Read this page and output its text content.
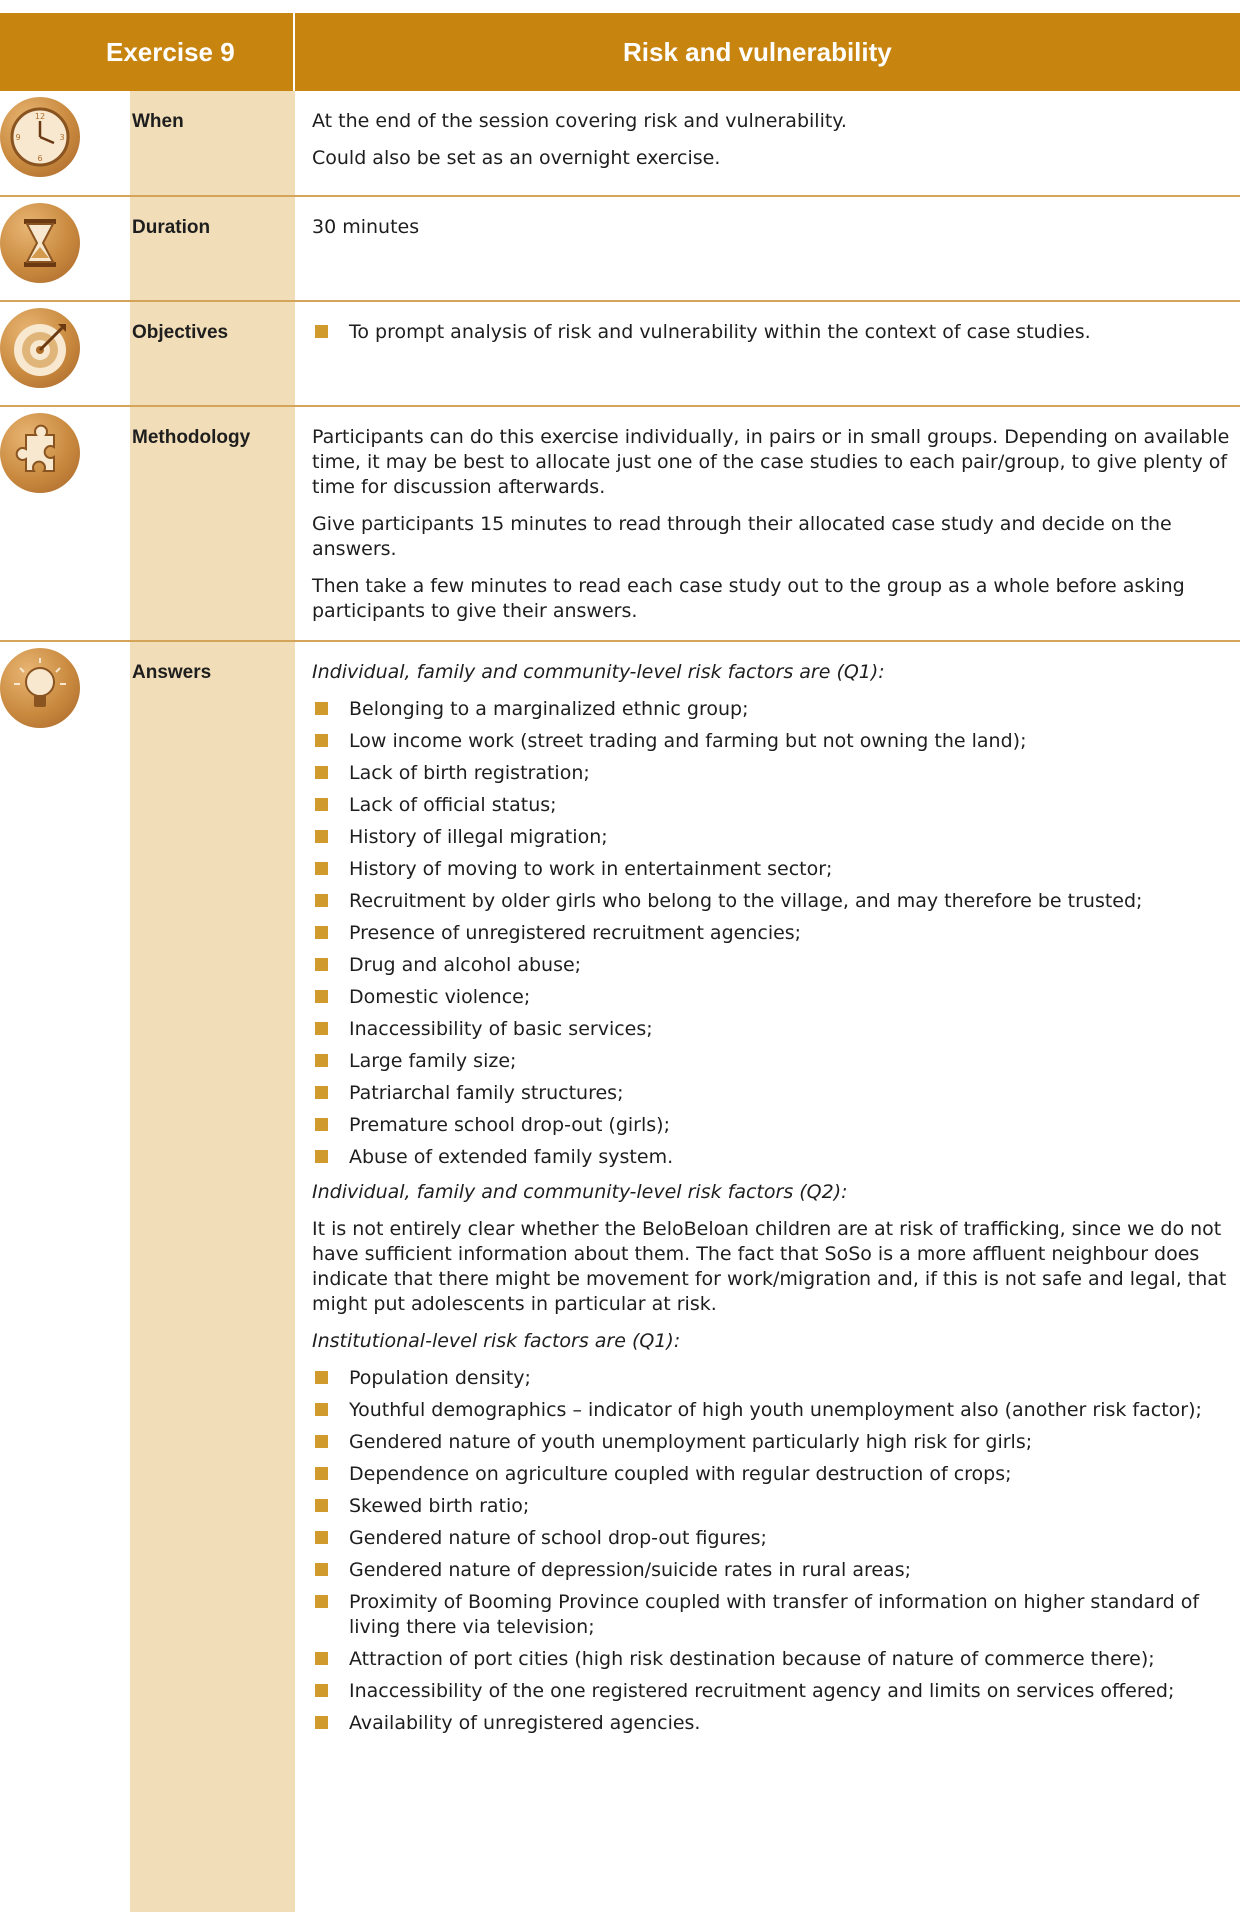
Exercise 9	Risk and vulnerability
12
3
6
9
When	At the end of the session covering risk and vulnerability.

Could also be set as an overnight exercise.

Duration	30 minutes

Objectives	To prompt analysis of risk and vulnerability within the context of case studies.
Methodology	Participants can do this exercise individually, in pairs or in small groups. Depending on available time, it may be best to allocate just one of the case studies to each pair/group, to give plenty of time for discussion afterwards.

Give participants 15 minutes to read through their allocated case study and decide on the answers.

Then take a few minutes to read each case study out to the group as a whole before asking participants to give their answers.

Answers	Individual, family and community-level risk factors are (Q1):

Belonging to a marginalized ethnic group;
Low income work (street trading and farming but not owning the land);
Lack of birth registration;
Lack of official status;
History of illegal migration;
History of moving to work in entertainment sector;
Recruitment by older girls who belong to the village, and may therefore be trusted;
Presence of unregistered recruitment agencies;
Drug and alcohol abuse;
Domestic violence;
Inaccessibility of basic services;
Large family size;
Patriarchal family structures;
Premature school drop-out (girls);
Abuse of extended family system.

Individual, family and community-level risk factors (Q2):

It is not entirely clear whether the BeloBeloan children are at risk of trafficking, since we do not have sufficient information about them. The fact that SoSo is a more affluent neighbour does indicate that there might be movement for work/migration and, if this is not safe and legal, that might put adolescents in particular at risk.

Institutional-level risk factors are (Q1):

Population density;
Youthful demographics – indicator of high youth unemployment also (another risk factor);
Gendered nature of youth unemployment particularly high risk for girls;
Dependence on agriculture coupled with regular destruction of crops;
Skewed birth ratio;
Gendered nature of school drop-out figures;
Gendered nature of depression/suicide rates in rural areas;
Proximity of Booming Province coupled with transfer of information on higher standard of living there via television;
Attraction of port cities (high risk destination because of nature of commerce there);
Inaccessibility of the one registered recruitment agency and limits on services offered;
Availability of unregistered agencies.
